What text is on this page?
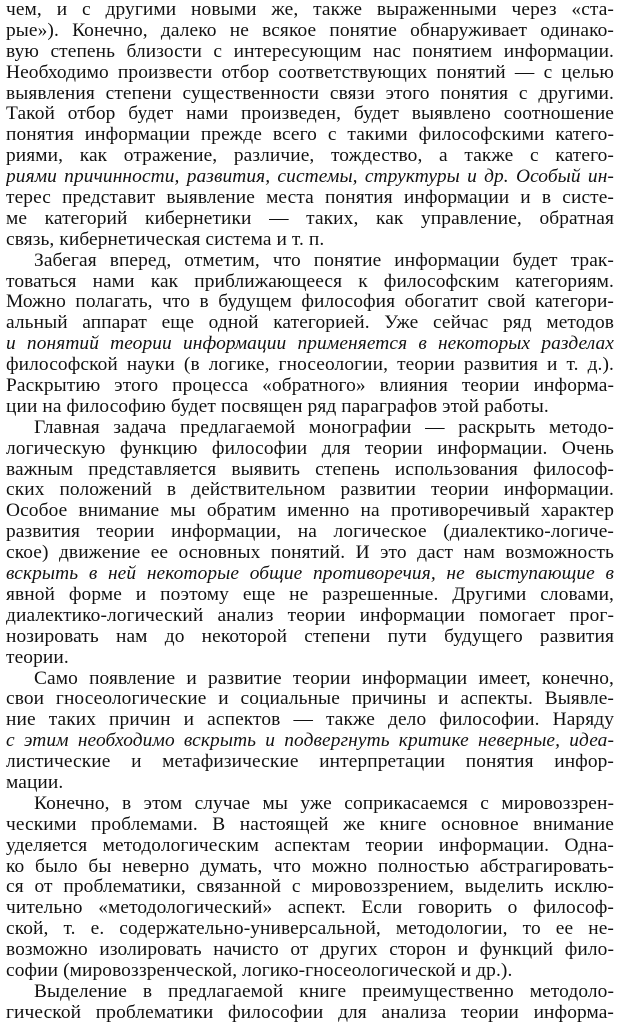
чем, и с другими новыми же, также выраженными через «ста-
рые»). Конечно, далеко не всякое понятие обнаруживает одинако-
вую степень близости с интересующим нас понятием информации.
Необходимо произвести отбор соответствующих понятий — с целью
выявления степени существенности связи этого понятия с другими.
Такой отбор будет нами произведен, будет выявлено соотношение
понятия информации прежде всего с такими философскими катего-
риями, как отражение, различие, тождество, а также с катего-
риями причинности, развития, системы, структуры и др. Особый ин-
терес представит выявление места понятия информации и в систе-
ме категорий кибернетики — таких, как управление, обратная
связь, кибернетическая система и т. п.
Забегая вперед, отметим, что понятие информации будет трак-
товаться нами как приближающееся к философским категориям.
Можно полагать, что в будущем философия обогатит свой категори-
альный аппарат еще одной категорией. Уже сейчас ряд методов
и понятий теории информации применяется в некоторых разделах
философской науки (в логике, гносеологии, теории развития и т. д.).
Раскрытию этого процесса «обратного» влияния теории информа-
ции на философию будет посвящен ряд параграфов этой работы.
Главная задача предлагаемой монографии — раскрыть методо-
логическую функцию философии для теории информации. Очень
важным представляется выявить степень использования философ-
ских положений в действительном развитии теории информации.
Особое внимание мы обратим именно на противоречивый характер
развития теории информации, на логическое (диалектико-логиче-
ское) движение ее основных понятий. И это даст нам возможность
вскрыть в ней некоторые общие противоречия, не выступающие в
явной форме и поэтому еще не разрешенные. Другими словами,
диалектико-логический анализ теории информации помогает прог-
нозировать нам до некоторой степени пути будущего развития
теории.
Само появление и развитие теории информации имеет, конечно,
свои гносеологические и социальные причины и аспекты. Выявле-
ние таких причин и аспектов — также дело философии. Наряду
с этим необходимо вскрыть и подвергнуть критике неверные, идеа-
листические и метафизические интерпретации понятия инфор-
мации.
Конечно, в этом случае мы уже соприкасаемся с мировоззрен-
ческими проблемами. В настоящей же книге основное внимание
уделяется методологическим аспектам теории информации. Одна-
ко было бы неверно думать, что можно полностью абстрагировать-
ся от проблематики, связанной с мировоззрением, выделить исклю-
чительно «методологический» аспект. Если говорить о философ-
ской, т. е. содержательно-универсальной, методологии, то ее не-
возможно изолировать начисто от других сторон и функций фило-
софии (мировоззренческой, логико-гносеологической и др.).
Выделение в предлагаемой книге преимущественно методоло-
гической проблематики философии для анализа теории информа-
